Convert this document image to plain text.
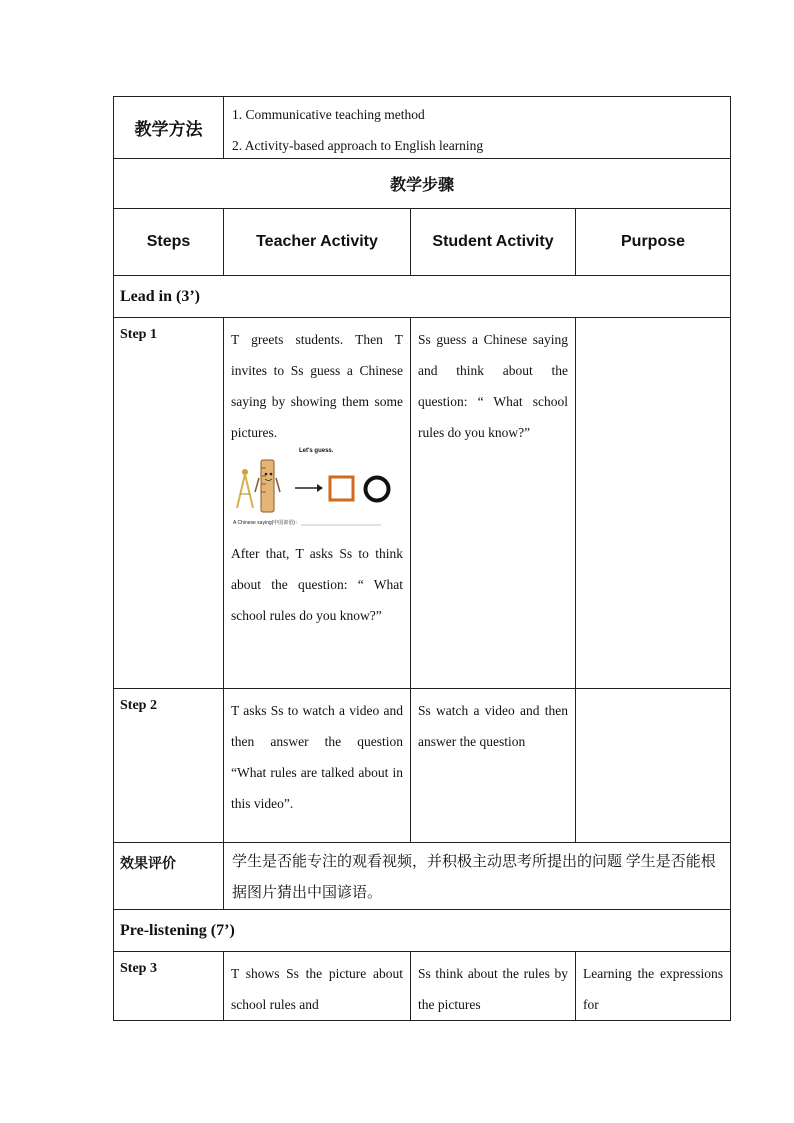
教学方法	1. Communicative teaching method
2. Activity-based approach to English learning		

教学步骤			
Steps	Teacher Activity	Student Activity	Purpose
Lead in (3’)			
Step 1	T greets students. Then T invites to Ss guess a Chinese saying by showing them some pictures.
Let's guess.
A Chinese saying(中国谚语)：
After that, T asks Ss to think about the question: “ What school rules do you know?”	Ss guess a Chinese saying and think about the question: “ What school rules do you know?”	

Step 2	T asks Ss to watch a video and then answer the question “What rules are talked about in this video”.	Ss watch a video and then answer the question	

效果评价	学生是否能专注的观看视频，并积极主动思考所提出的问题 学生是否能根据图片猜出中国谚语。		
Pre-listening (7’)			
Step 3	T shows Ss the picture about school rules and	Ss think about the rules by the pictures	Learning the expressions for
